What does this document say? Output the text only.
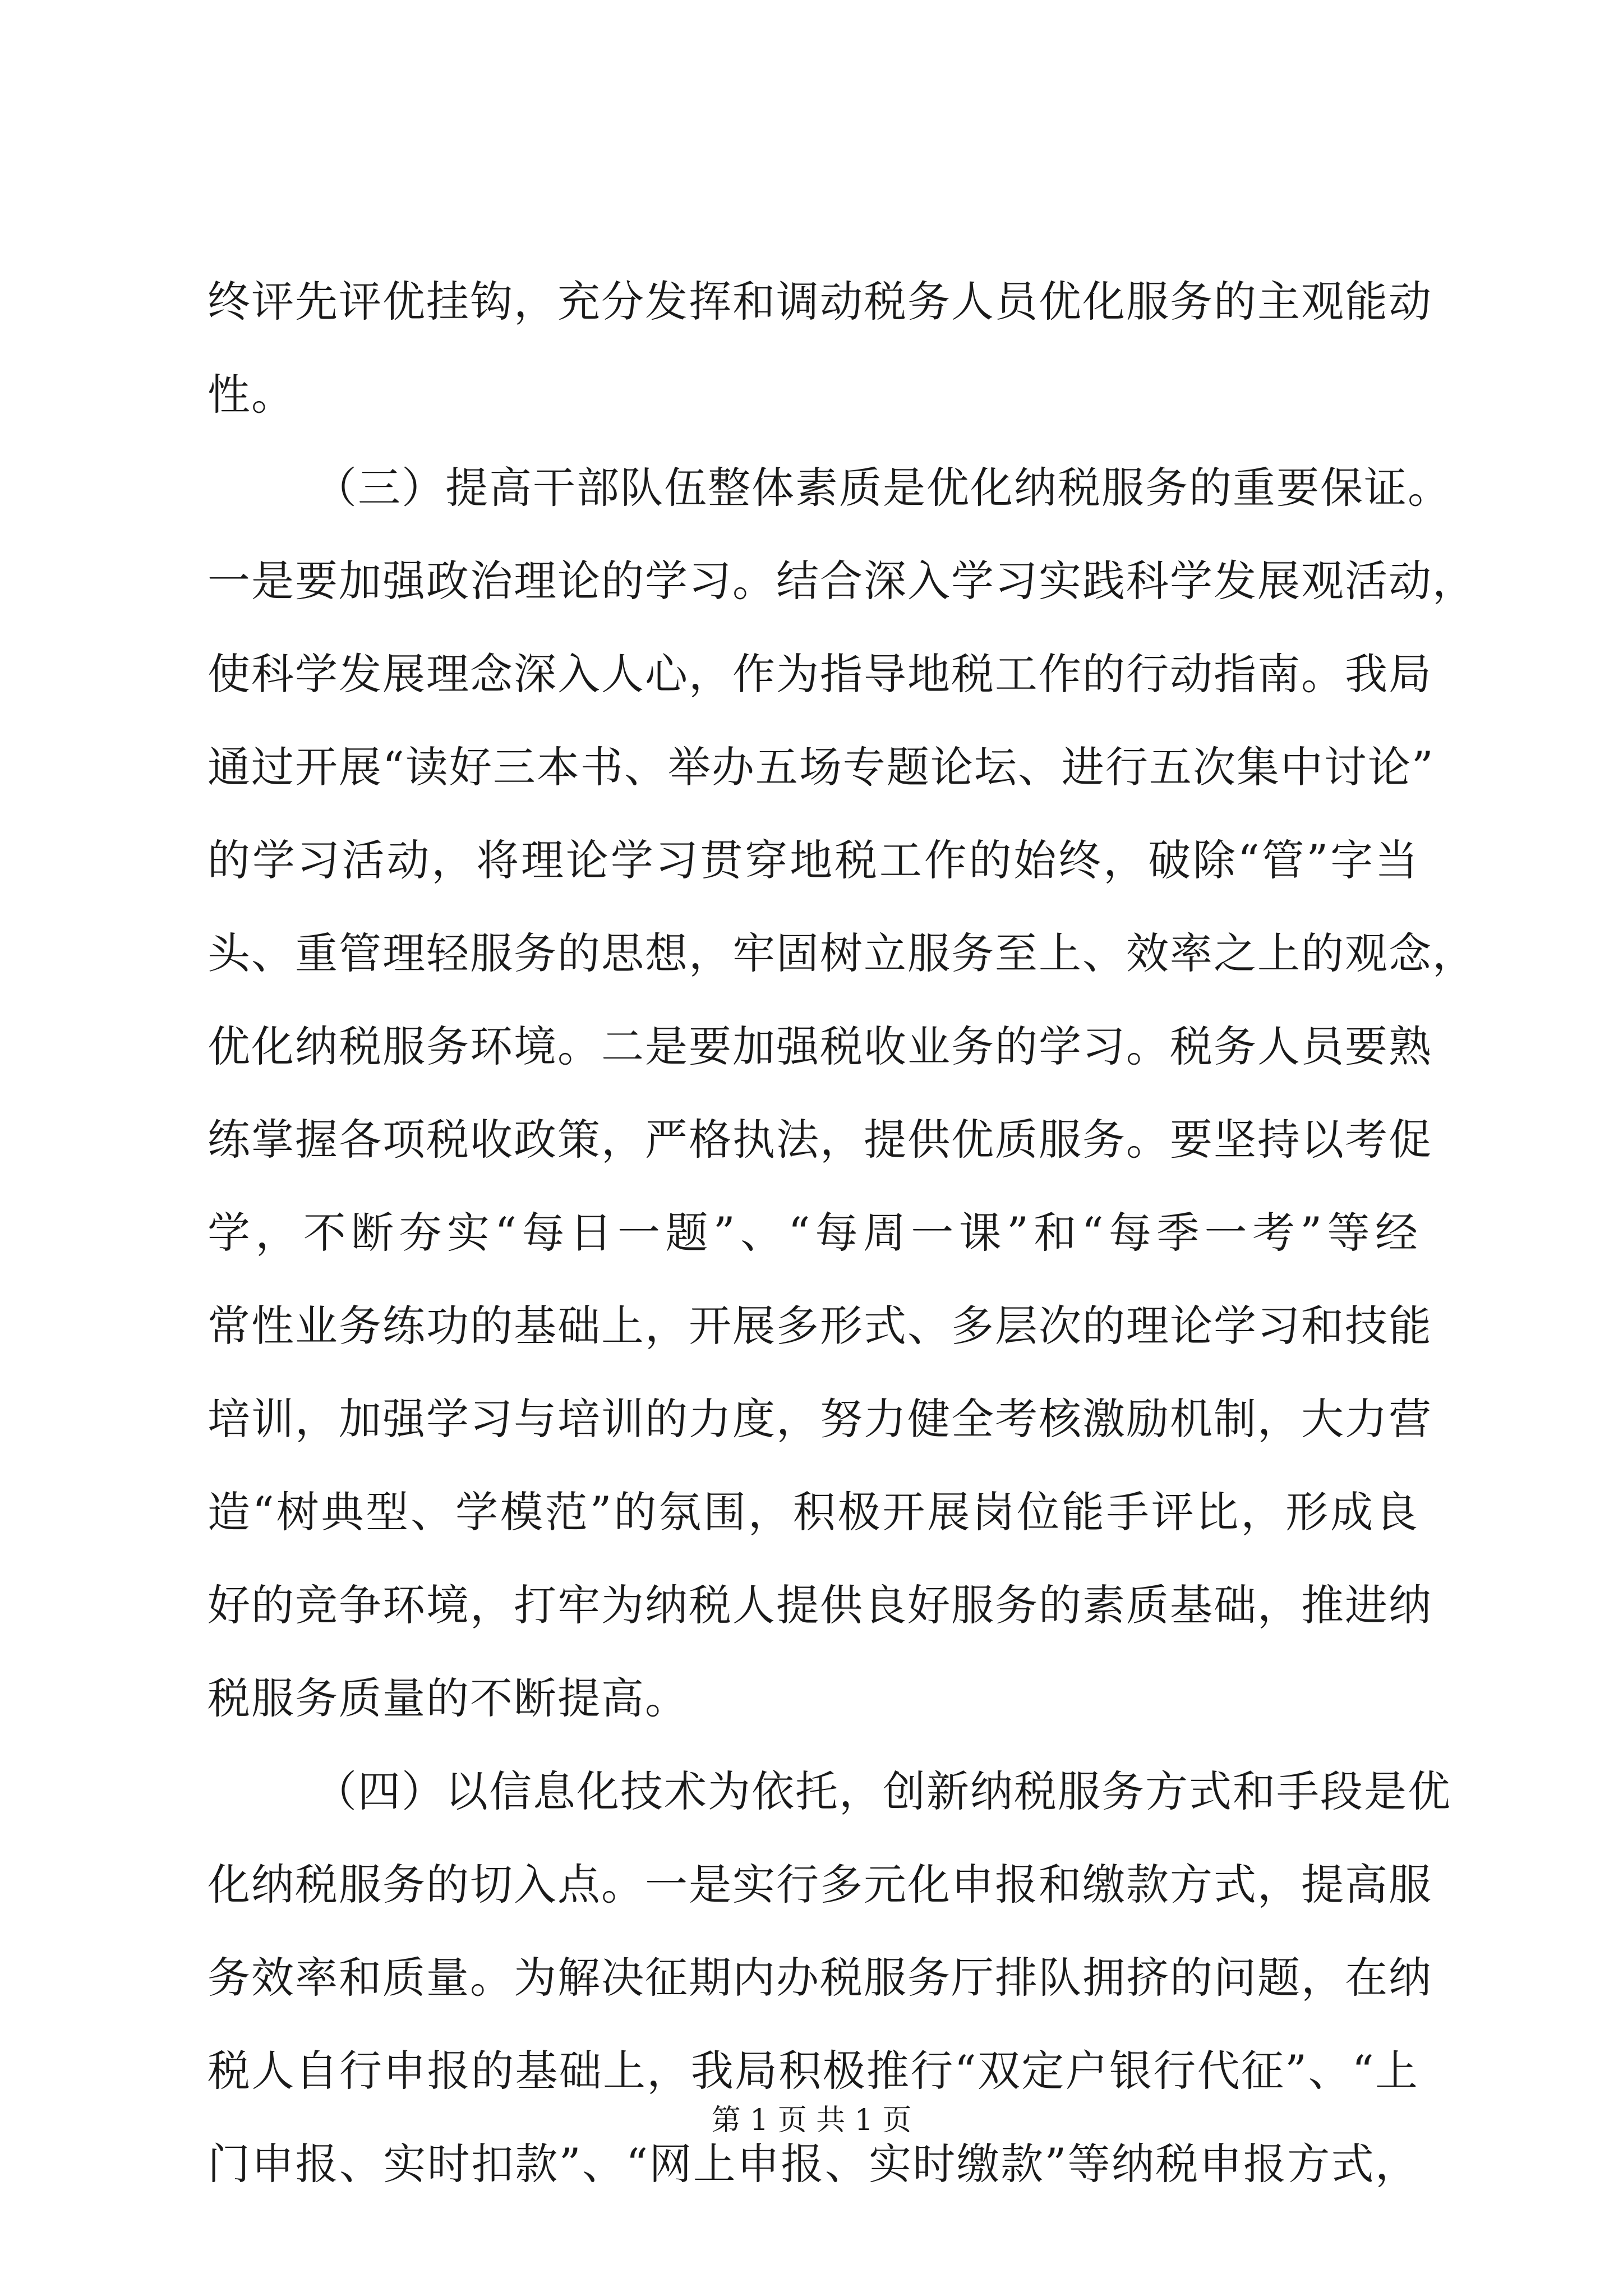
终评先评优挂钩，充分发挥和调动税务人员优化服务的主观能动
性。
（三）提高干部队伍整体素质是优化纳税服务的重要保证。
一是要加强政治理论的学习。结合深入学习实践科学发展观活动，
使科学发展理念深入人心，作为指导地税工作的行动指南。我局
通过开展“读好三本书、举办五场专题论坛、进行五次集中讨论”
的学习活动，将理论学习贯穿地税工作的始终，破除“管”字当
头、重管理轻服务的思想，牢固树立服务至上、效率之上的观念，
优化纳税服务环境。二是要加强税收业务的学习。税务人员要熟
练掌握各项税收政策，严格执法，提供优质服务。要坚持以考促
学，不断夯实“每日一题”、“每周一课”和“每季一考”等经
常性业务练功的基础上，开展多形式、多层次的理论学习和技能
培训，加强学习与培训的力度，努力健全考核激励机制，大力营
造“树典型、学模范”的氛围，积极开展岗位能手评比，形成良
好的竞争环境，打牢为纳税人提供良好服务的素质基础，推进纳
税服务质量的不断提高。
（四）以信息化技术为依托，创新纳税服务方式和手段是优
化纳税服务的切入点。一是实行多元化申报和缴款方式，提高服
务效率和质量。为解决征期内办税服务厅排队拥挤的问题，在纳
税人自行申报的基础上，我局积极推行“双定户银行代征”、“上
门申报、实时扣款”、“网上申报、实时缴款”等纳税申报方式，
第 1 页 共 1 页
